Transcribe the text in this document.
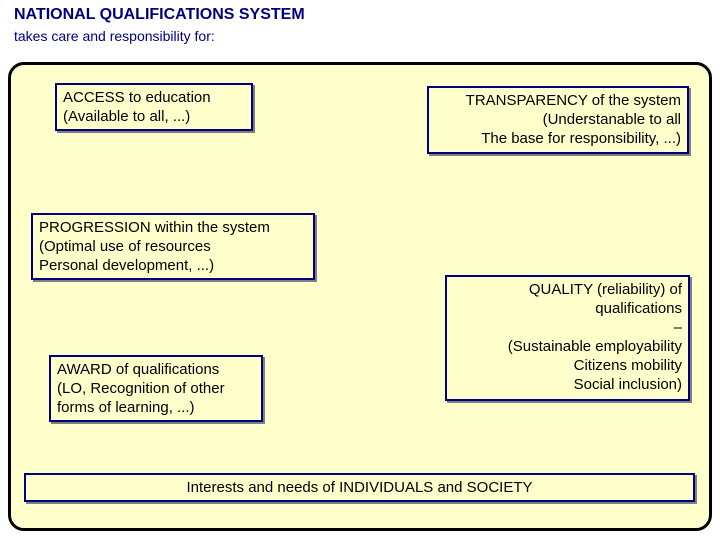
NATIONAL QUALIFICATIONS SYSTEM
takes care and responsibility for:
ACCESS to education
(Available to all, ...)
TRANSPARENCY of the system
(Understanable to all
The base for responsibility, ...)
PROGRESSION within the system
(Optimal use of resources
Personal development, ...)
QUALITY (reliability) of
qualifications
–
(Sustainable employability
Citizens mobility
Social inclusion)
AWARD of qualifications
(LO, Recognition of other
forms of learning, ...)
Interests and needs of INDIVIDUALS and SOCIETY
